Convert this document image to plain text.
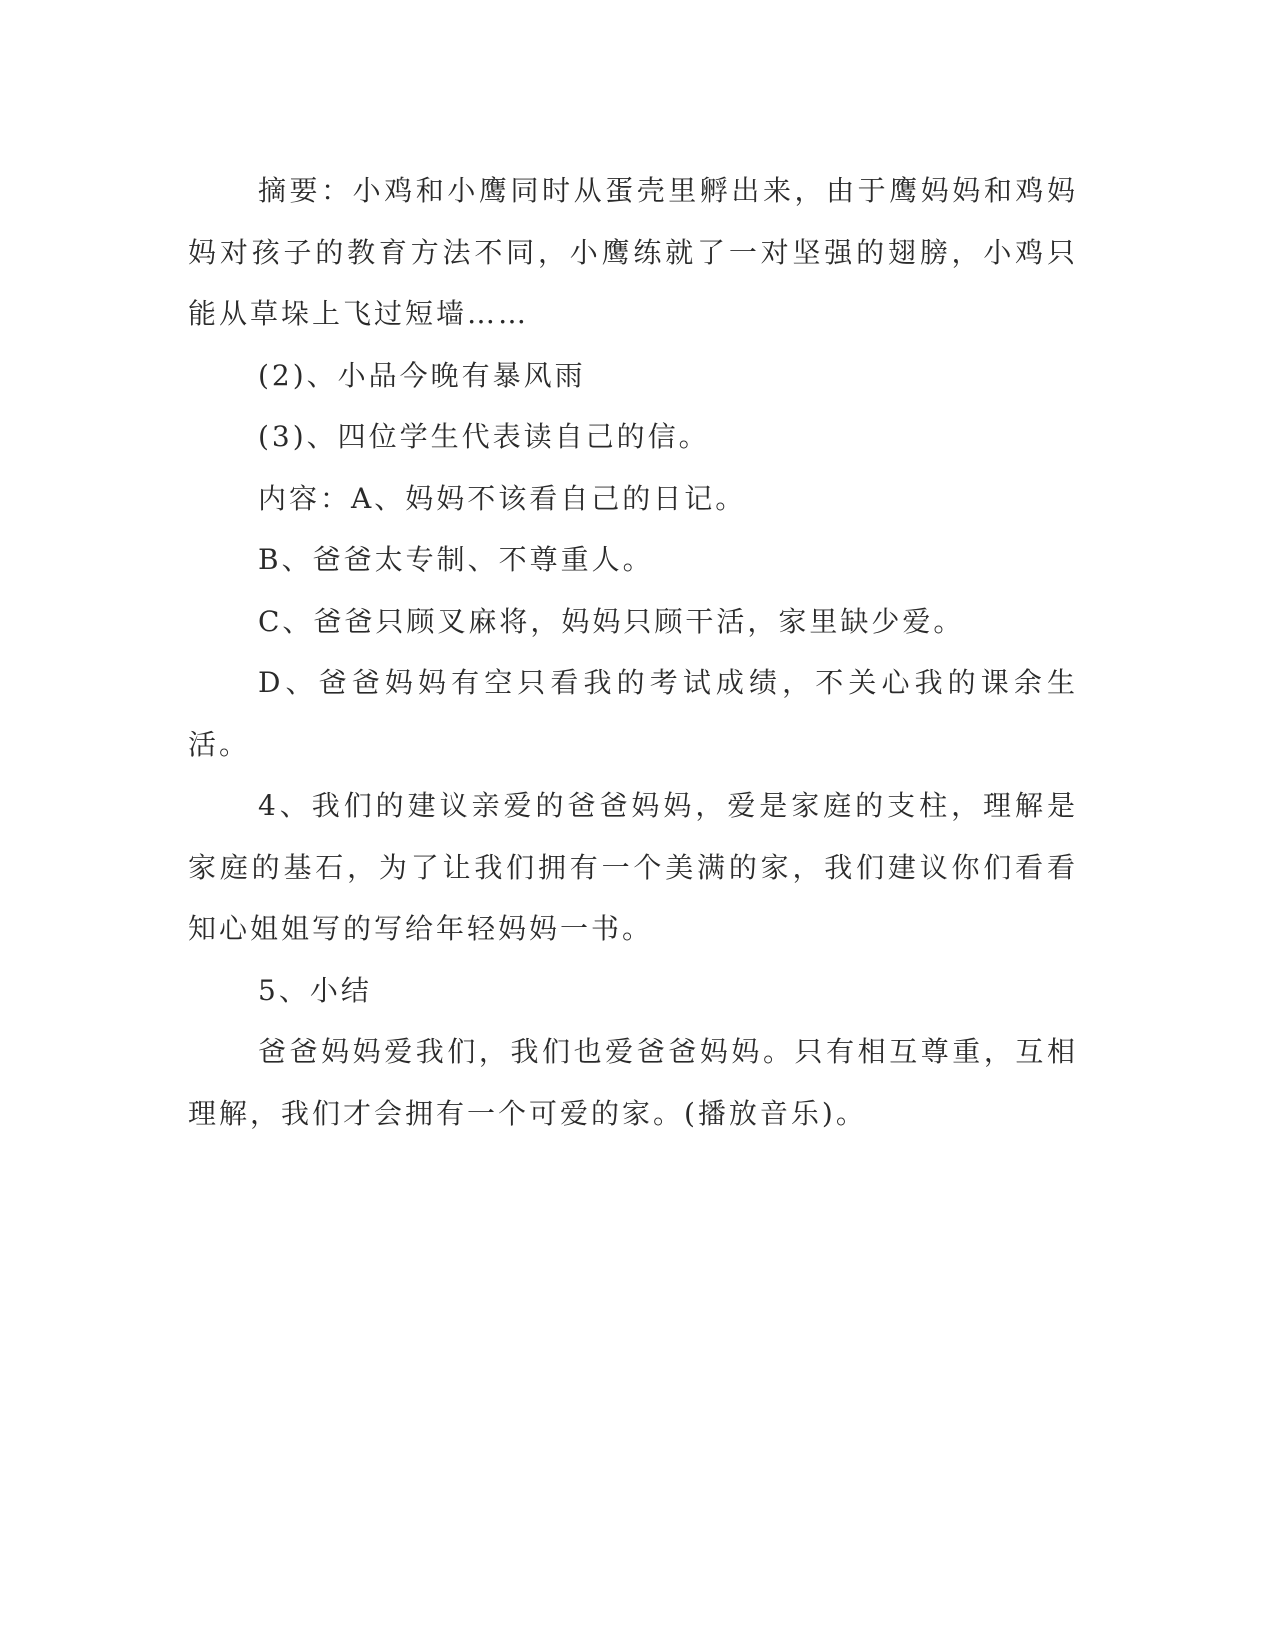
摘要：小鸡和小鹰同时从蛋壳里孵出来，由于鹰妈妈和鸡妈妈对孩子的教育方法不同，小鹰练就了一对坚强的翅膀，小鸡只能从草垛上飞过短墙……

(2)、小品今晚有暴风雨

(3)、四位学生代表读自己的信。

内容：A、妈妈不该看自己的日记。

B、爸爸太专制、不尊重人。

C、爸爸只顾叉麻将，妈妈只顾干活，家里缺少爱。

D、爸爸妈妈有空只看我的考试成绩，不关心我的课余生活。

4、我们的建议亲爱的爸爸妈妈，爱是家庭的支柱，理解是家庭的基石，为了让我们拥有一个美满的家，我们建议你们看看知心姐姐写的写给年轻妈妈一书。

5、小结

爸爸妈妈爱我们，我们也爱爸爸妈妈。只有相互尊重，互相理解，我们才会拥有一个可爱的家。(播放音乐)。
